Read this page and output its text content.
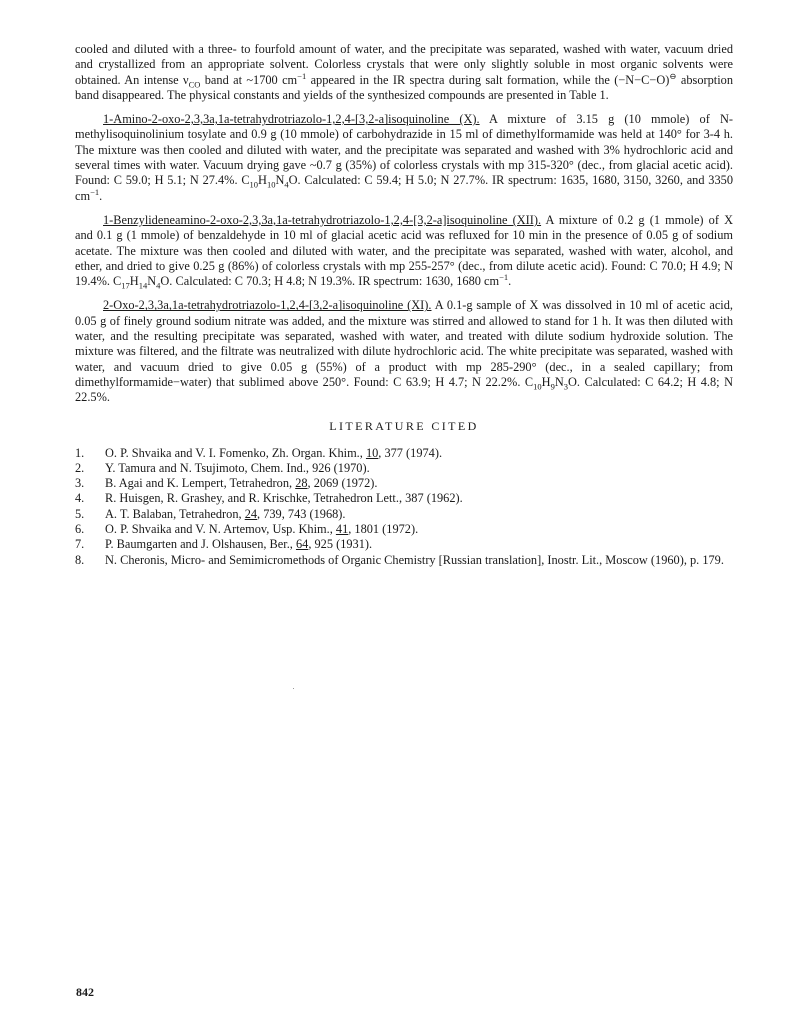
cooled and diluted with a three- to fourfold amount of water, and the precipitate was separated, washed with water, vacuum dried and crystallized from an appropriate solvent. Colorless crystals that were only slightly soluble in most organic solvents were obtained. An intense $\nu_{CO}$ band at ~1700 $cm^{-1}$ appeared in the IR spectra during salt formation, while the (−N−C−O)⊖ absorption band disappeared. The physical constants and yields of the synthesized compounds are presented in Table 1.

1-Amino-2-oxo-2,3,3a,1a-tetrahydrotriazolo-1,2,4-[3,2-a]isoquinoline (X). A mixture of 3.15 g (10 mmole) of N-methylisoquinolinium tosylate and 0.9 g (10 mmole) of carbohydrazide in 15 ml of dimethylformamide was held at 140° for 3-4 h. The mixture was then cooled and diluted with water, and the precipitate was separated and washed with 3% hydrochloric acid and several times with water. Vacuum drying gave ~0.7 g (35%) of colorless crystals with mp 315-320° (dec., from glacial acetic acid). Found: C 59.0; H 5.1; N 27.4%. $C_{10}H_{10}N_4O$. Calculated: C 59.4; H 5.0; N 27.7%. IR spectrum: 1635, 1680, 3150, 3260, and 3350 $cm^{-1}$.

1-Benzylideneamino-2-oxo-2,3,3a,1a-tetrahydrotriazolo-1,2,4-[3,2-a]isoquinoline (XII). A mixture of 0.2 g (1 mmole) of X and 0.1 g (1 mmole) of benzaldehyde in 10 ml of glacial acetic acid was refluxed for 10 min in the presence of 0.05 g of sodium acetate. The mixture was then cooled and diluted with water, and the precipitate was separated, washed with water, alcohol, and ether, and dried to give 0.25 g (86%) of colorless crystals with mp 255-257° (dec., from dilute acetic acid). Found: C 70.0; H 4.9; N 19.4%. $C_{17}H_{14}N_4O$. Calculated: C 70.3; H 4.8; N 19.3%. IR spectrum: 1630, 1680 $cm^{-1}$.

2-Oxo-2,3,3a,1a-tetrahydrotriazolo-1,2,4-[3,2-a]isoquinoline (XI). A 0.1-g sample of X was dissolved in 10 ml of acetic acid, 0.05 g of finely ground sodium nitrate was added, and the mixture was stirred and allowed to stand for 1 h. It was then diluted with water, and the resulting precipitate was separated, washed with water, and treated with dilute sodium hydroxide solution. The mixture was filtered, and the filtrate was neutralized with dilute hydrochloric acid. The white precipitate was separated, washed with water, and vacuum dried to give 0.05 g (55%) of a product with mp 285-290° (dec., in a sealed capillary; from dimethylformamide−water) that sublimed above 250°. Found: C 63.9; H 4.7; N 22.2%. $C_{10}H_9N_3O$. Calculated: C 64.2; H 4.8; N 22.5%.

LITERATURE CITED
1.	O. P. Shvaika and V. I. Fomenko, Zh. Organ. Khim., 10, 377 (1974).
2.	Y. Tamura and N. Tsujimoto, Chem. Ind., 926 (1970).
3.	B. Agai and K. Lempert, Tetrahedron, 28, 2069 (1972).
4.	R. Huisgen, R. Grashey, and R. Krischke, Tetrahedron Lett., 387 (1962).
5.	A. T. Balaban, Tetrahedron, 24, 739, 743 (1968).
6.	O. P. Shvaika and V. N. Artemov, Usp. Khim., 41, 1801 (1972).
7.	P. Baumgarten and J. Olshausen, Ber., 64, 925 (1931).
8.	N. Cheronis, Micro- and Semimicromethods of Organic Chemistry [Russian translation], Inostr. Lit., Moscow (1960), p. 179.
842
